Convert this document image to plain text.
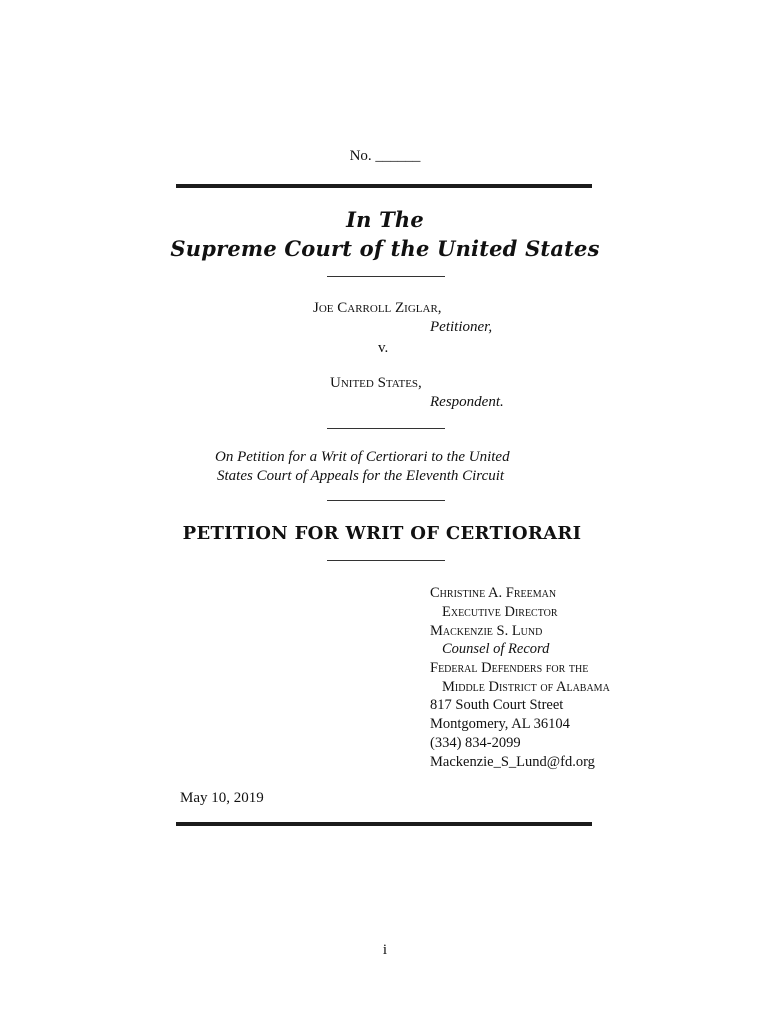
No. ______
In The
Supreme Court of the United States
Joe Carroll Ziglar,
Petitioner,
v.
United States,
Respondent.
On Petition for a Writ of Certiorari to the United
States Court of Appeals for the Eleventh Circuit
PETITION FOR WRIT OF CERTIORARI
Christine A. Freeman
Executive Director
Mackenzie S. Lund
Counsel of Record
Federal Defenders for the
Middle District of Alabama
817 South Court Street
Montgomery, AL 36104
(334) 834-2099
Mackenzie_S_Lund@fd.org
May 10, 2019
i
